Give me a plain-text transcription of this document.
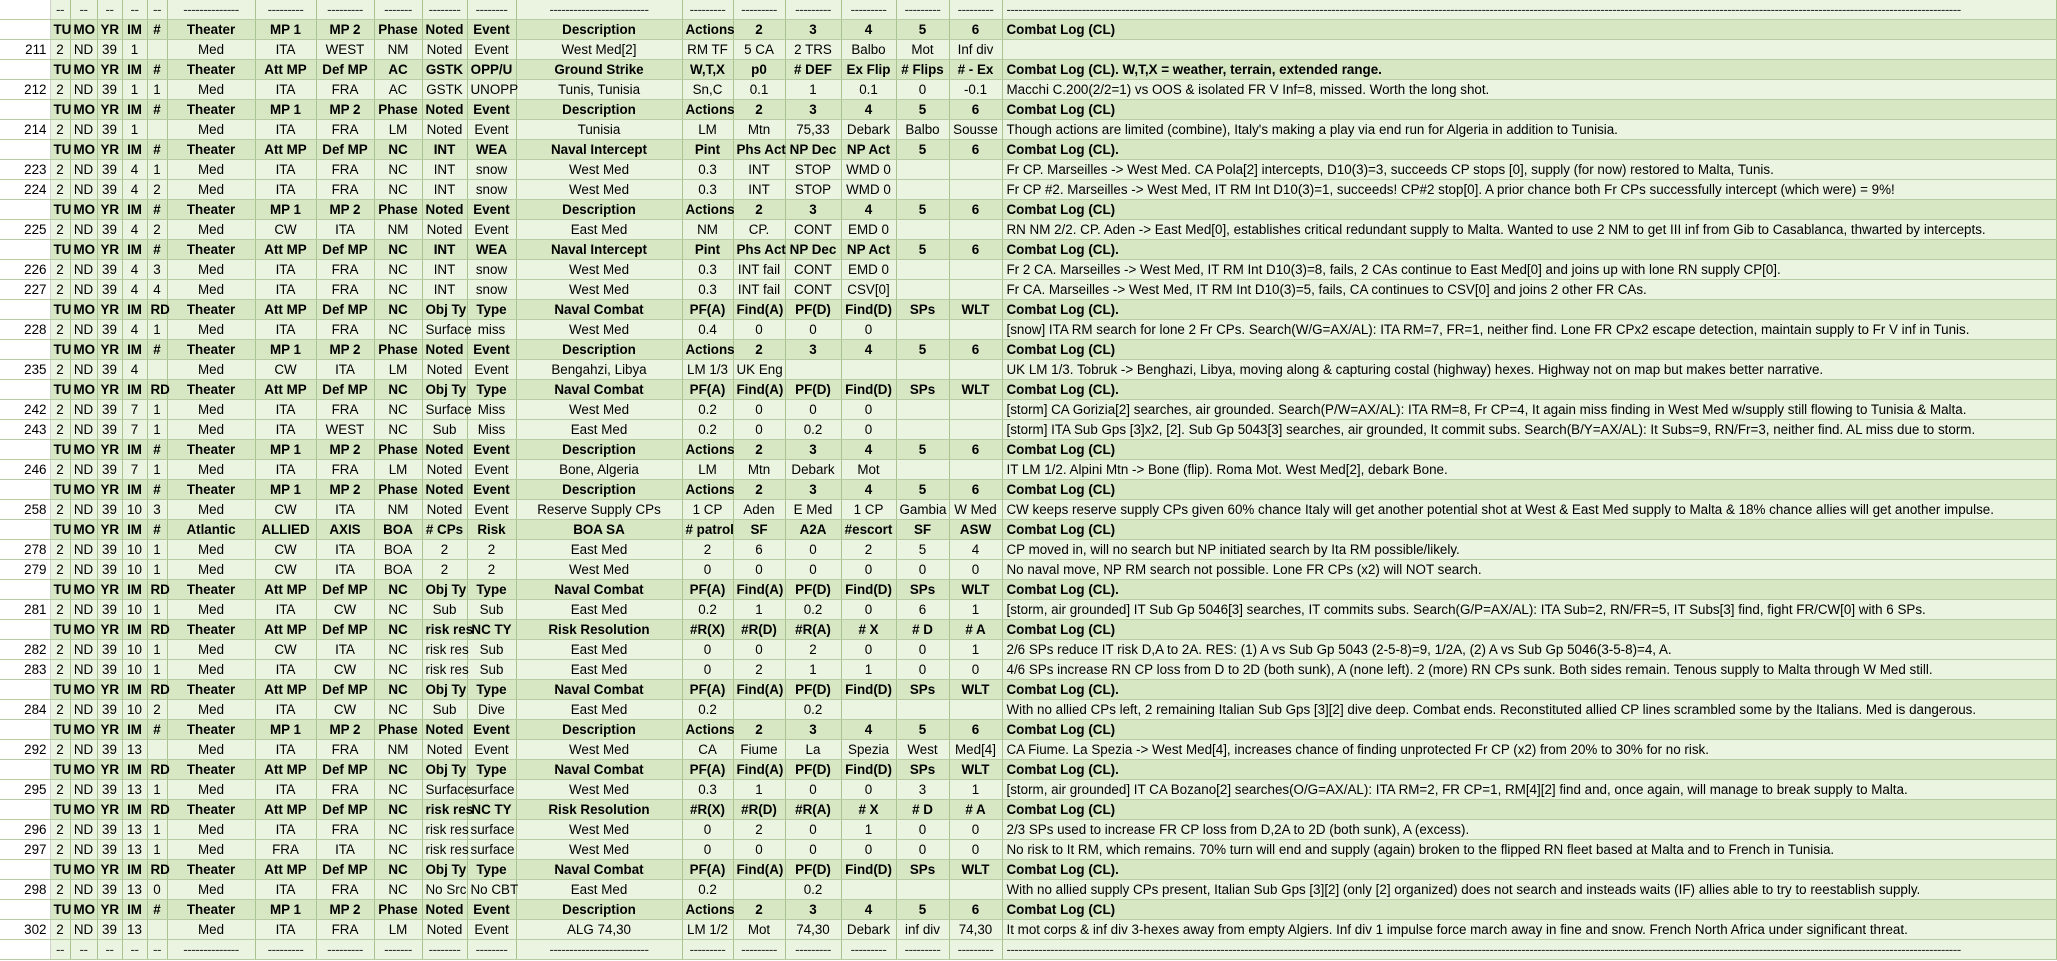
	--	--	--	--	--	--------------	---------	---------	-------	--------	--------	-------------------------	---------	---------	---------	---------	---------	---------	-------------------------------------------------------------------------------------------------------------------------------------------------------------------------------------------------------------------------------------------------
	TU	MO	YR	IM	#	Theater	MP 1	MP 2	Phase	Noted	Event	Description	Actions	2	3	4	5	6	Combat Log (CL)
211	2	ND	39	1		Med	ITA	WEST	NM	Noted	Event	West Med[2]	RM TF	5 CA	2 TRS	Balbo	Mot	Inf div	
	TU	MO	YR	IM	#	Theater	Att MP	Def MP	AC	GSTK	OPP/U	Ground Strike	W,T,X	p0	# DEF	Ex Flip	# Flips	# - Ex	Combat Log (CL). W,T,X = weather, terrain, extended range.
212	2	ND	39	1	1	Med	ITA	FRA	AC	GSTK	UNOPP	Tunis, Tunisia	Sn,C	0.1	1	0.1	0	-0.1	Macchi C.200(2/2=1) vs OOS & isolated FR V Inf=8, missed. Worth the long shot.
	TU	MO	YR	IM	#	Theater	MP 1	MP 2	Phase	Noted	Event	Description	Actions	2	3	4	5	6	Combat Log (CL)
214	2	ND	39	1		Med	ITA	FRA	LM	Noted	Event	Tunisia	LM	Mtn	75,33	Debark	Balbo	Sousse	Though actions are limited (combine), Italy's making a play via end run for Algeria in addition to Tunisia.
	TU	MO	YR	IM	#	Theater	Att MP	Def MP	NC	INT	WEA	Naval Intercept	Pint	Phs Act	NP Dec	NP Act	5	6	Combat Log (CL).
223	2	ND	39	4	1	Med	ITA	FRA	NC	INT	snow	West Med	0.3	INT	STOP	WMD 0			Fr CP. Marseilles -> West Med. CA Pola[2] intercepts, D10(3)=3, succeeds CP stops [0], supply (for now) restored to Malta, Tunis.
224	2	ND	39	4	2	Med	ITA	FRA	NC	INT	snow	West Med	0.3	INT	STOP	WMD 0			Fr CP #2. Marseilles -> West Med, IT RM Int D10(3)=1, succeeds! CP#2 stop[0]. A prior chance both Fr CPs successfully intercept (which were) = 9%!
	TU	MO	YR	IM	#	Theater	MP 1	MP 2	Phase	Noted	Event	Description	Actions	2	3	4	5	6	Combat Log (CL)
225	2	ND	39	4	2	Med	CW	ITA	NM	Noted	Event	East Med	NM	CP.	CONT	EMD 0			RN NM 2/2. CP. Aden -> East Med[0], establishes critical redundant supply to Malta. Wanted to use 2 NM to get III inf from Gib to Casablanca, thwarted by intercepts.
	TU	MO	YR	IM	#	Theater	Att MP	Def MP	NC	INT	WEA	Naval Intercept	Pint	Phs Act	NP Dec	NP Act	5	6	Combat Log (CL).
226	2	ND	39	4	3	Med	ITA	FRA	NC	INT	snow	West Med	0.3	INT fail	CONT	EMD 0			Fr 2 CA. Marseilles -> West Med, IT RM Int D10(3)=8, fails, 2 CAs continue to East Med[0] and joins up with lone RN supply CP[0].
227	2	ND	39	4	4	Med	ITA	FRA	NC	INT	snow	West Med	0.3	INT fail	CONT	CSV[0]			Fr CA. Marseilles -> West Med, IT RM Int D10(3)=5, fails, CA continues to CSV[0] and joins 2 other FR CAs.
	TU	MO	YR	IM	RD	Theater	Att MP	Def MP	NC	Obj Ty	Type	Naval Combat	PF(A)	Find(A)	PF(D)	Find(D)	SPs	WLT	Combat Log (CL).
228	2	ND	39	4	1	Med	ITA	FRA	NC	Surface	miss	West Med	0.4	0	0	0			[snow] ITA RM search for lone 2 Fr CPs. Search(W/G=AX/AL): ITA RM=7, FR=1, neither find. Lone FR CPx2 escape detection, maintain supply to Fr V inf in Tunis.
	TU	MO	YR	IM	#	Theater	MP 1	MP 2	Phase	Noted	Event	Description	Actions	2	3	4	5	6	Combat Log (CL)
235	2	ND	39	4		Med	CW	ITA	LM	Noted	Event	Bengahzi, Libya	LM 1/3	UK Eng					UK LM 1/3. Tobruk -> Benghazi, Libya, moving along & capturing costal (highway) hexes. Highway not on map but makes better narrative.
	TU	MO	YR	IM	RD	Theater	Att MP	Def MP	NC	Obj Ty	Type	Naval Combat	PF(A)	Find(A)	PF(D)	Find(D)	SPs	WLT	Combat Log (CL).
242	2	ND	39	7	1	Med	ITA	FRA	NC	Surface	Miss	West Med	0.2	0	0	0			[storm] CA Gorizia[2] searches, air grounded. Search(P/W=AX/AL): ITA RM=8, Fr CP=4, It again miss finding in West Med w/supply still flowing to Tunisia & Malta.
243	2	ND	39	7	1	Med	ITA	WEST	NC	Sub	Miss	East Med	0.2	0	0.2	0			[storm] ITA Sub Gps [3]x2, [2]. Sub Gp 5043[3] searches, air grounded, It commit subs. Search(B/Y=AX/AL): It Subs=9, RN/Fr=3, neither find. AL miss due to storm.
	TU	MO	YR	IM	#	Theater	MP 1	MP 2	Phase	Noted	Event	Description	Actions	2	3	4	5	6	Combat Log (CL)
246	2	ND	39	7	1	Med	ITA	FRA	LM	Noted	Event	Bone, Algeria	LM	Mtn	Debark	Mot			IT LM 1/2. Alpini Mtn -> Bone (flip). Roma Mot. West Med[2], debark Bone.
	TU	MO	YR	IM	#	Theater	MP 1	MP 2	Phase	Noted	Event	Description	Actions	2	3	4	5	6	Combat Log (CL)
258	2	ND	39	10	3	Med	CW	ITA	NM	Noted	Event	Reserve Supply CPs	1 CP	Aden	E Med	1 CP	Gambia	W Med	CW keeps reserve supply CPs given 60% chance Italy will get another potential shot at West & East Med supply to Malta & 18% chance allies will get another impulse.
	TU	MO	YR	IM	#	Atlantic	ALLIED	AXIS	BOA	# CPs	Risk	BOA SA	# patrol	SF	A2A	#escort	SF	ASW	Combat Log (CL)
278	2	ND	39	10	1	Med	CW	ITA	BOA	2	2	East Med	2	6	0	2	5	4	CP moved in, will no search but NP initiated search by Ita RM possible/likely.
279	2	ND	39	10	1	Med	CW	ITA	BOA	2	2	West Med	0	0	0	0	0	0	No naval move, NP RM search not possible. Lone FR CPs (x2) will NOT search.
	TU	MO	YR	IM	RD	Theater	Att MP	Def MP	NC	Obj Ty	Type	Naval Combat	PF(A)	Find(A)	PF(D)	Find(D)	SPs	WLT	Combat Log (CL).
281	2	ND	39	10	1	Med	ITA	CW	NC	Sub	Sub	East Med	0.2	1	0.2	0	6	1	[storm, air grounded] IT Sub Gp 5046[3] searches, IT commits subs. Search(G/P=AX/AL): ITA Sub=2, RN/FR=5, IT Subs[3] find, fight FR/CW[0] with 6 SPs.
	TU	MO	YR	IM	RD	Theater	Att MP	Def MP	NC	risk res	NC TY	Risk Resolution	#R(X)	#R(D)	#R(A)	# X	# D	# A	Combat Log (CL)
282	2	ND	39	10	1	Med	CW	ITA	NC	risk res	Sub	East Med	0	0	2	0	0	1	2/6 SPs reduce IT risk D,A to 2A. RES: (1) A vs Sub Gp 5043 (2-5-8)=9, 1/2A, (2) A vs Sub Gp 5046(3-5-8)=4, A.
283	2	ND	39	10	1	Med	ITA	CW	NC	risk res	Sub	East Med	0	2	1	1	0	0	4/6 SPs increase RN CP loss from D to 2D (both sunk), A (none left). 2 (more) RN CPs sunk. Both sides remain. Tenous supply to Malta through W Med still.
	TU	MO	YR	IM	RD	Theater	Att MP	Def MP	NC	Obj Ty	Type	Naval Combat	PF(A)	Find(A)	PF(D)	Find(D)	SPs	WLT	Combat Log (CL).
284	2	ND	39	10	2	Med	ITA	CW	NC	Sub	Dive	East Med	0.2		0.2				With no allied CPs left, 2 remaining Italian Sub Gps [3][2] dive deep. Combat ends. Reconstituted allied CP lines scrambled some by the Italians. Med is dangerous.
	TU	MO	YR	IM	#	Theater	MP 1	MP 2	Phase	Noted	Event	Description	Actions	2	3	4	5	6	Combat Log (CL)
292	2	ND	39	13		Med	ITA	FRA	NM	Noted	Event	West Med	CA	Fiume	La	Spezia	West	Med[4]	CA Fiume. La Spezia -> West Med[4], increases chance of finding unprotected Fr CP (x2) from 20% to 30% for no risk.
	TU	MO	YR	IM	RD	Theater	Att MP	Def MP	NC	Obj Ty	Type	Naval Combat	PF(A)	Find(A)	PF(D)	Find(D)	SPs	WLT	Combat Log (CL).
295	2	ND	39	13	1	Med	ITA	FRA	NC	Surface	surface	West Med	0.3	1	0	0	3	1	[storm, air grounded] IT CA Bozano[2] searches(O/G=AX/AL): ITA RM=2, FR CP=1, RM[4][2] find and, once again, will manage to break supply to Malta.
	TU	MO	YR	IM	RD	Theater	Att MP	Def MP	NC	risk res	NC TY	Risk Resolution	#R(X)	#R(D)	#R(A)	# X	# D	# A	Combat Log (CL)
296	2	ND	39	13	1	Med	ITA	FRA	NC	risk res	surface	West Med	0	2	0	1	0	0	2/3 SPs used to increase FR CP loss from D,2A to 2D (both sunk), A (excess).
297	2	ND	39	13	1	Med	FRA	ITA	NC	risk res	surface	West Med	0	0	0	0	0	0	No risk to It RM, which remains. 70% turn will end and supply (again) broken to the flipped RN fleet based at Malta and to French in Tunisia.
	TU	MO	YR	IM	RD	Theater	Att MP	Def MP	NC	Obj Ty	Type	Naval Combat	PF(A)	Find(A)	PF(D)	Find(D)	SPs	WLT	Combat Log (CL).
298	2	ND	39	13	0	Med	ITA	FRA	NC	No Src	No CBT	East Med	0.2		0.2				With no allied supply CPs present, Italian Sub Gps [3][2] (only [2] organized) does not search and insteads waits (IF) allies able to try to reestablish supply.
	TU	MO	YR	IM	#	Theater	MP 1	MP 2	Phase	Noted	Event	Description	Actions	2	3	4	5	6	Combat Log (CL)
302	2	ND	39	13		Med	ITA	FRA	LM	Noted	Event	ALG 74,30	LM 1/2	Mot	74,30	Debark	inf div	74,30	It mot corps & inf div 3-hexes away from empty Algiers. Inf div 1 impulse force march away in fine and snow. French North Africa under significant threat.
	--	--	--	--	--	--------------	---------	---------	-------	--------	--------	-------------------------	---------	---------	---------	---------	---------	---------	-------------------------------------------------------------------------------------------------------------------------------------------------------------------------------------------------------------------------------------------------
